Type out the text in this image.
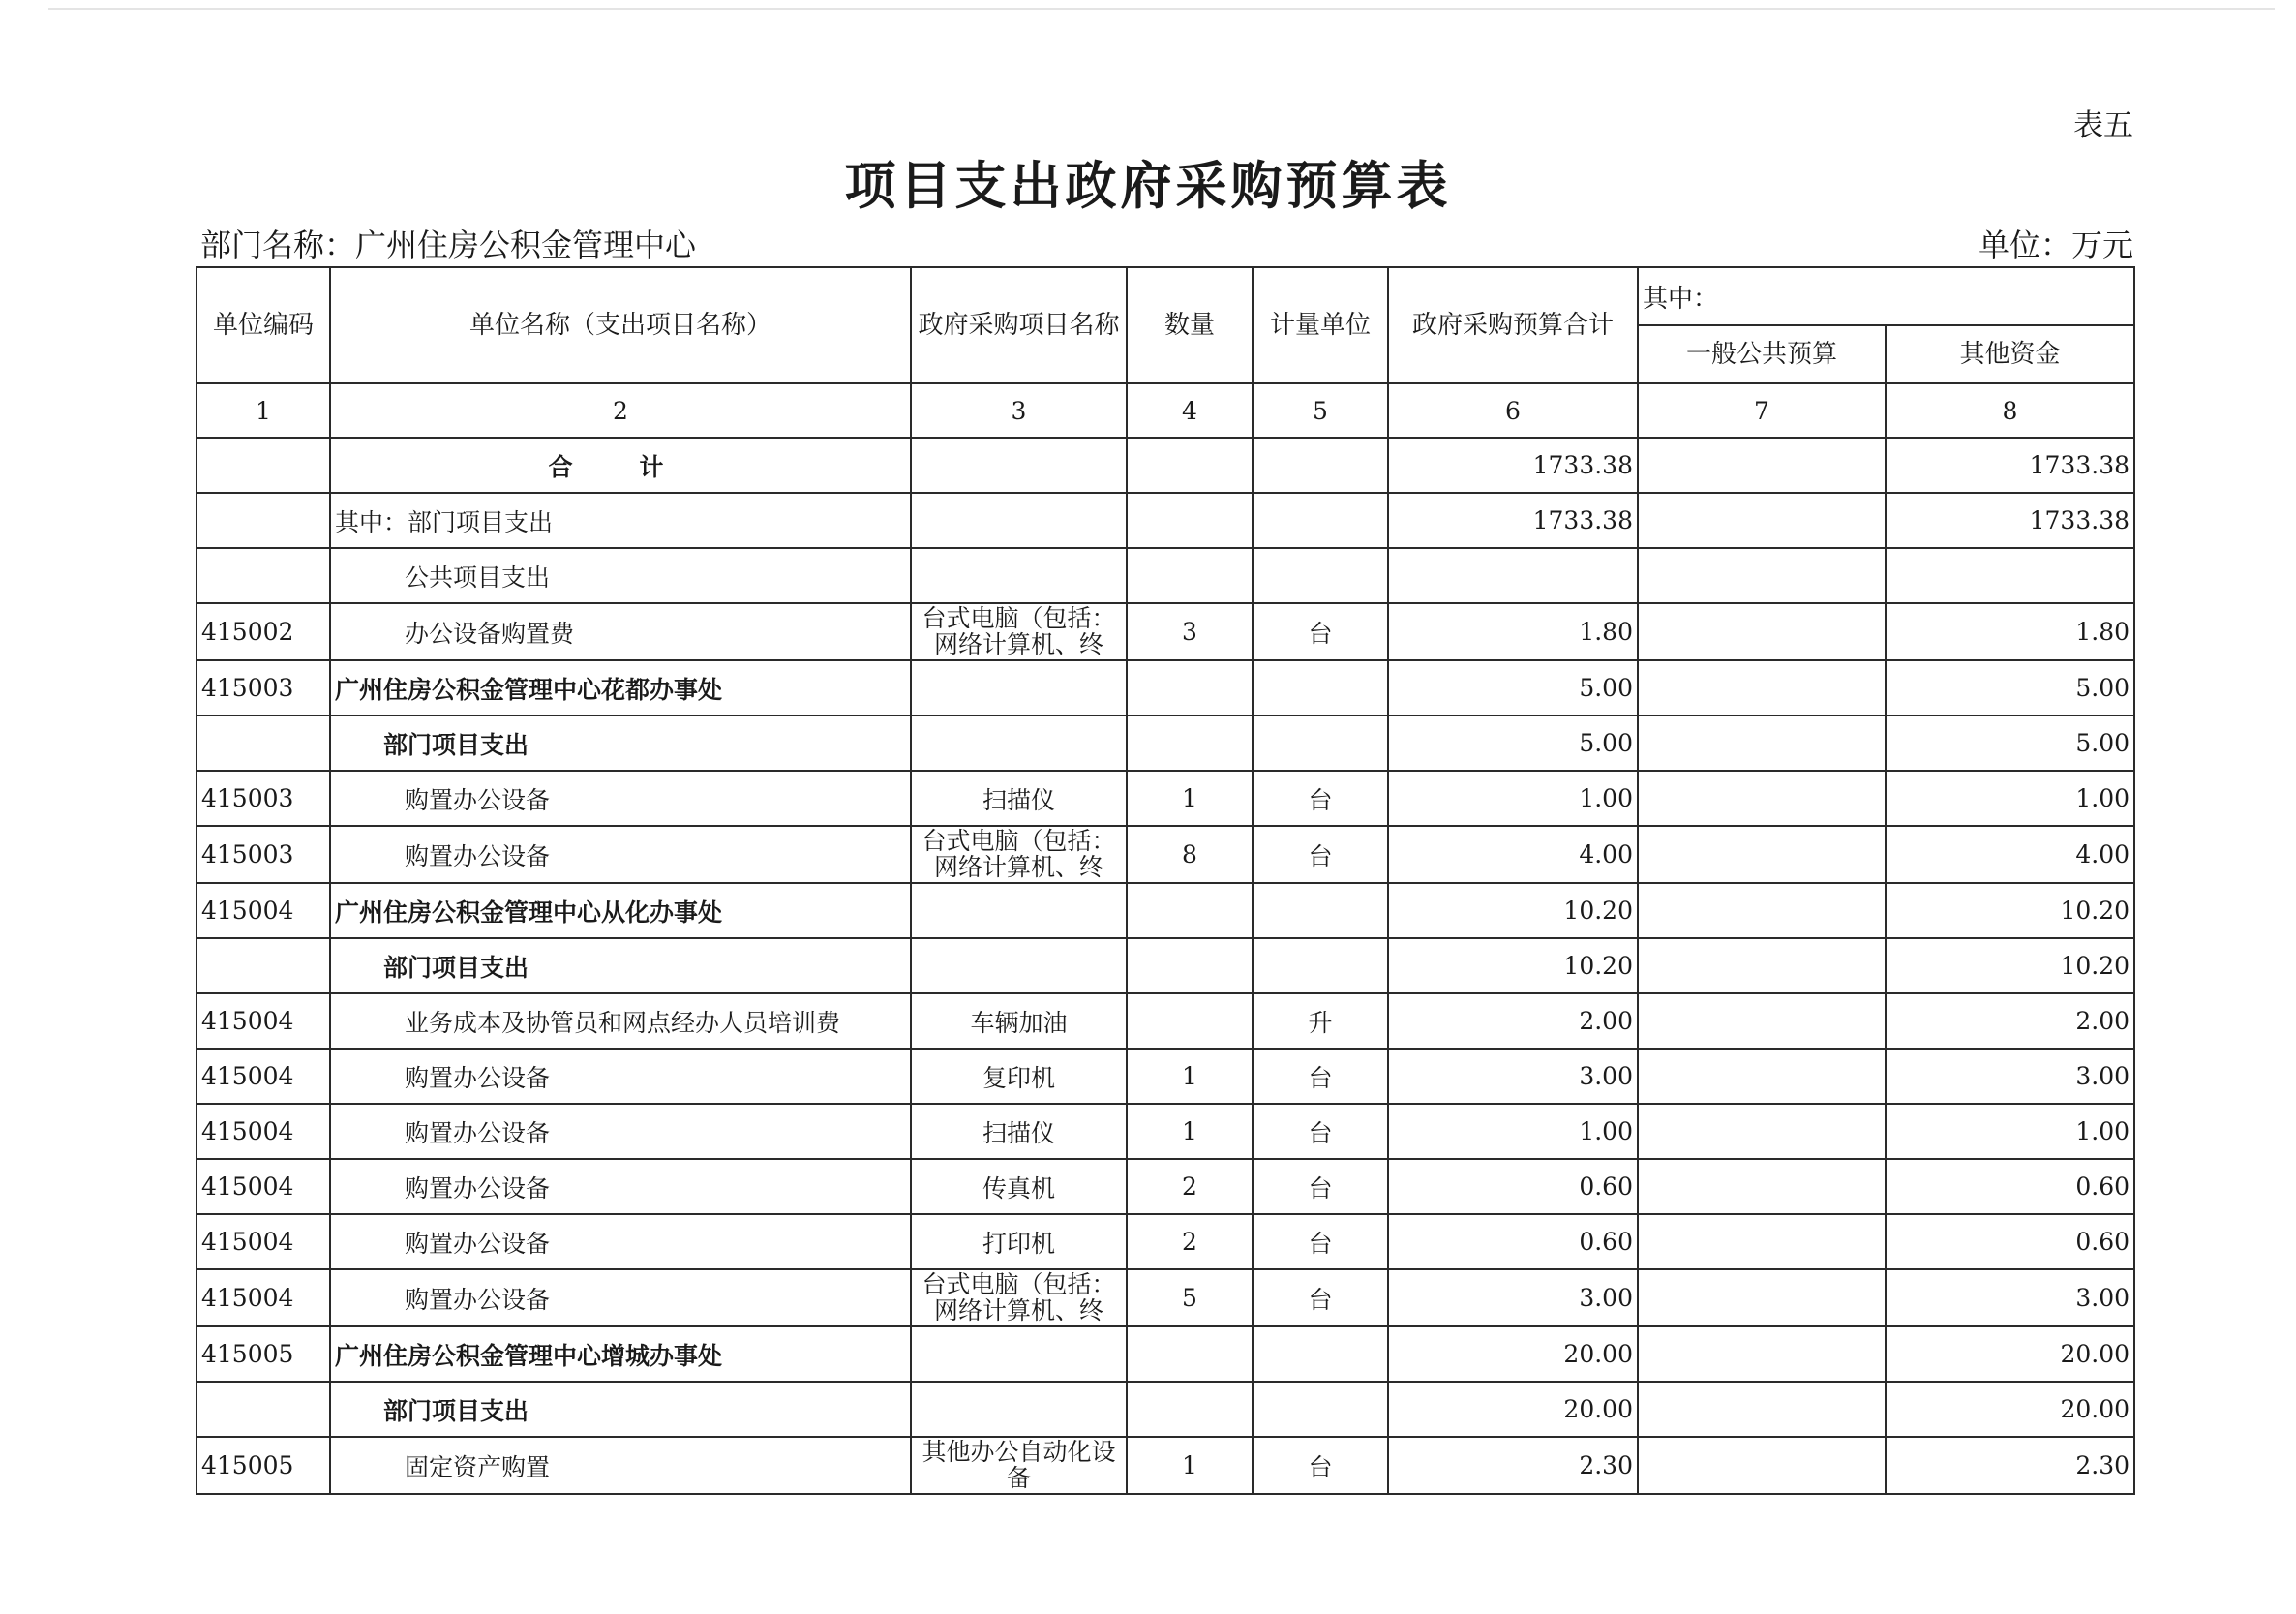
表五
项目支出政府采购预算表
部门名称：广州住房公积金管理中心	单位：万元
单位编码	单位名称（支出项目名称）	政府采购项目名称	数量	计量单位	政府采购预算合计	其中：	
						一般公共预算	其他资金
1	2	3	4	5	6	7	8
	合 计				1733.38		1733.38
	其中：部门项目支出				1733.38		1733.38
	公共项目支出						
415002	办公设备购置费	台式电脑（包括：网络计算机、终	3	台	1.80		1.80
415003	广州住房公积金管理中心花都办事处				5.00		5.00
	部门项目支出				5.00		5.00
415003	购置办公设备	扫描仪	1	台	1.00		1.00
415003	购置办公设备	台式电脑（包括：网络计算机、终	8	台	4.00		4.00
415004	广州住房公积金管理中心从化办事处				10.20		10.20
	部门项目支出				10.20		10.20
415004	业务成本及协管员和网点经办人员培训费	车辆加油		升	2.00		2.00
415004	购置办公设备	复印机	1	台	3.00		3.00
415004	购置办公设备	扫描仪	1	台	1.00		1.00
415004	购置办公设备	传真机	2	台	0.60		0.60
415004	购置办公设备	打印机	2	台	0.60		0.60
415004	购置办公设备	台式电脑（包括：网络计算机、终	5	台	3.00		3.00
415005	广州住房公积金管理中心增城办事处				20.00		20.00
	部门项目支出				20.00		20.00
415005	固定资产购置	其他办公自动化设备	1	台	2.30		2.30
